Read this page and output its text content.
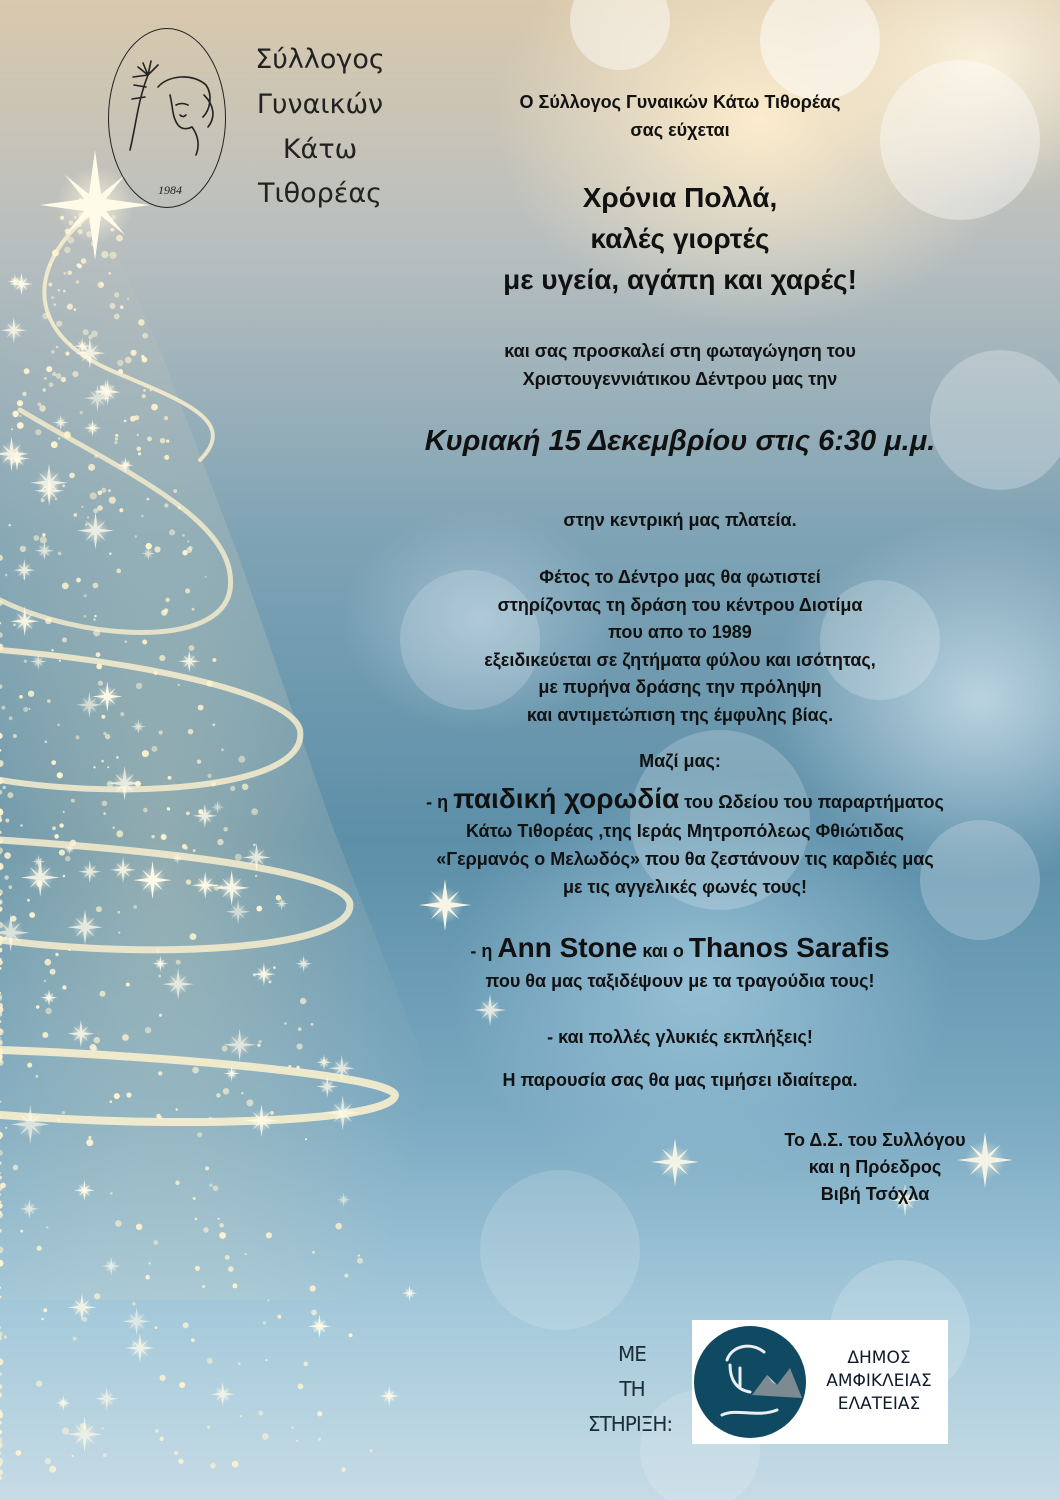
1984
Σύλλογος
Γυναικών
Κάτω
Τιθορέας
Ο Σύλλογος Γυναικών Κάτω Τιθορέας
σας εύχεται
Χρόνια Πολλά,
καλές γιορτές
με υγεία, αγάπη και χαρές!
και σας προσκαλεί στη φωταγώγηση του
Χριστουγεννιάτικου Δέντρου μας την
Κυριακή 15 Δεκεμβρίου στις 6:30 μ.μ.
στην κεντρική μας πλατεία.
Φέτος το Δέντρο μας θα φωτιστεί
στηρίζοντας τη δράση του κέντρου Διοτίμα
που απο το 1989
εξειδικεύεται σε ζητήματα φύλου και ισότητας,
με πυρήνα δράσης την πρόληψη
και αντιμετώπιση της έμφυλης βίας.
Μαζί μας:
- η παιδική χορωδία του Ωδείου του παραρτήματος
Κάτω Τιθορέας ,της Ιεράς Μητροπόλεως Φθιώτιδας
«Γερμανός ο Μελωδός» που θα ζεστάνουν τις καρδιές μας
με τις αγγελικές φωνές τους!
- η Ann Stone και ο Thanos Sarafis
που θα μας ταξιδέψουν με τα τραγούδια τους!
- και πολλές γλυκιές εκπλήξεις!
Η παρουσία σας θα μας τιμήσει ιδιαίτερα.
Το Δ.Σ. του Συλλόγου
και η Πρόεδρος
Βιβή Τσόχλα
ΜΕ
ΤΗ
ΣΤΗΡΙΞΗ:
ΔΗΜΟΣ
ΑΜΦΙΚΛΕΙΑΣ
ΕΛΑΤΕΙΑΣ
